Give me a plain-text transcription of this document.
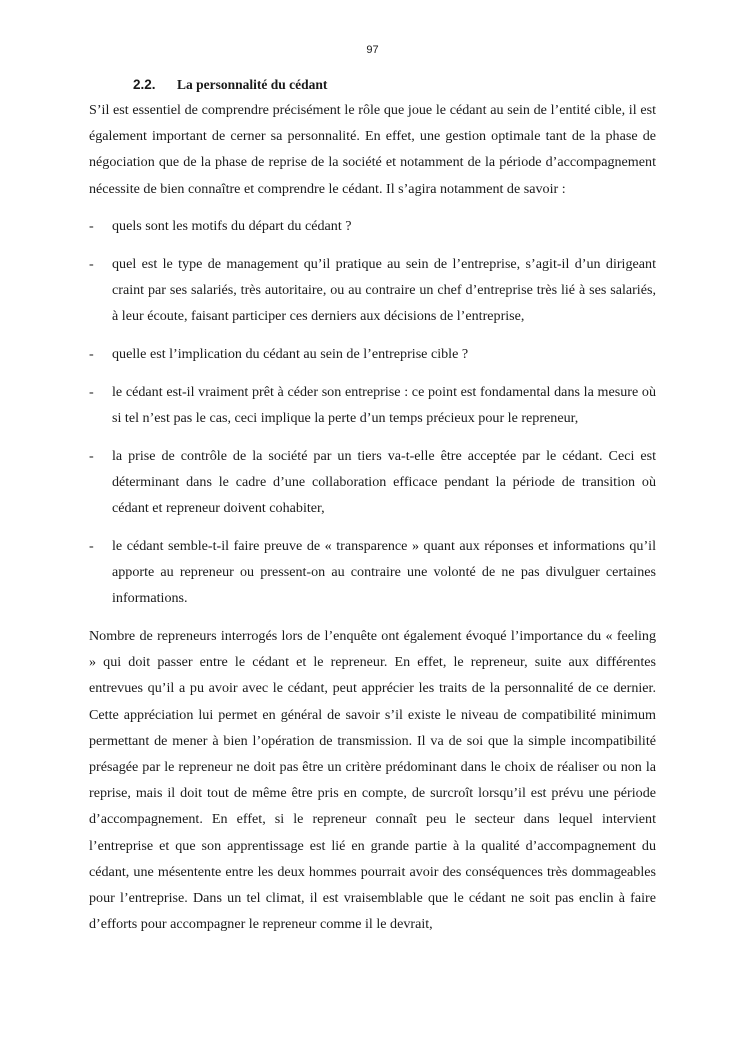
97
2.2. La personnalité du cédant

S’il est essentiel de comprendre précisément le rôle que joue le cédant au sein de l’entité cible, il est également important de cerner sa personnalité. En effet, une gestion optimale tant de la phase de négociation que de la phase de reprise de la société et notamment de la période d’accompagnement nécessite de bien connaître et comprendre le cédant. Il s’agira notamment de savoir :

- quels sont les motifs du départ du cédant ?
- quel est le type de management qu’il pratique au sein de l’entreprise, s’agit-il d’un dirigeant craint par ses salariés, très autoritaire, ou au contraire un chef d’entreprise très lié à ses salariés, à leur écoute, faisant participer ces derniers aux décisions de l’entreprise,
- quelle est l’implication du cédant au sein de l’entreprise cible ?
- le cédant est-il vraiment prêt à céder son entreprise : ce point est fondamental dans la mesure où si tel n’est pas le cas, ceci implique la perte d’un temps précieux pour le repreneur,
- la prise de contrôle de la société par un tiers va-t-elle être acceptée par le cédant. Ceci est déterminant dans le cadre d’une collaboration efficace pendant la période de transition où cédant et repreneur doivent cohabiter,
- le cédant semble-t-il faire preuve de « transparence » quant aux réponses et informations qu’il apporte au repreneur ou pressent-on au contraire une volonté de ne pas divulguer certaines informations.

Nombre de repreneurs interrogés lors de l’enquête ont également évoqué l’importance du « feeling » qui doit passer entre le cédant et le repreneur. En effet, le repreneur, suite aux différentes entrevues qu’il a pu avoir avec le cédant, peut apprécier les traits de la personnalité de ce dernier. Cette appréciation lui permet en général de savoir s’il existe le niveau de compatibilité minimum permettant de mener à bien l’opération de transmission. Il va de soi que la simple incompatibilité présagée par le repreneur ne doit pas être un critère prédominant dans le choix de réaliser ou non la reprise, mais il doit tout de même être pris en compte, de surcroît lorsqu’il est prévu une période d’accompagnement. En effet, si le repreneur connaît peu le secteur dans lequel intervient l’entreprise et que son apprentissage est lié en grande partie à la qualité d’accompagnement du cédant, une mésentente entre les deux hommes pourrait avoir des conséquences très dommageables pour l’entreprise. Dans un tel climat, il est vraisemblable que le cédant ne soit pas enclin à faire d’efforts pour accompagner le repreneur comme il le devrait,
